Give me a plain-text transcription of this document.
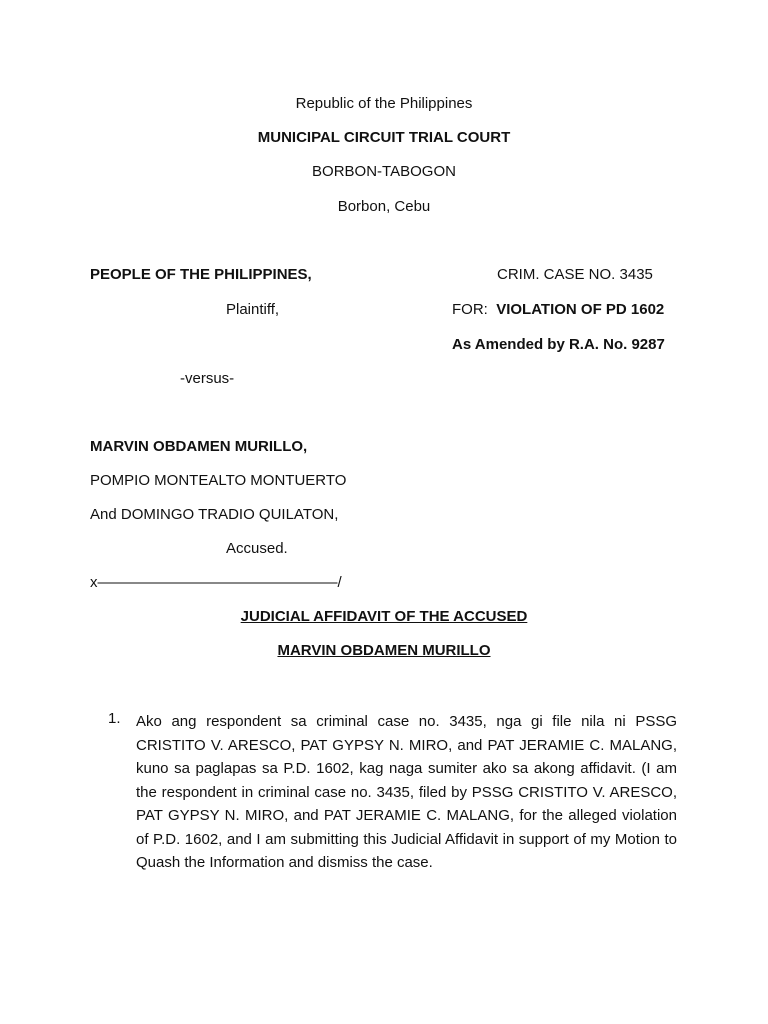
Republic of the Philippines
MUNICIPAL CIRCUIT TRIAL COURT
BORBON-TABOGON
Borbon, Cebu
PEOPLE OF THE PHILIPPINES,
Plaintiff,
-versus-
MARVIN OBDAMEN MURILLO,
POMPIO MONTEALTO MONTUERTO
And DOMINGO TRADIO QUILATON,
Accused.
x————————————————/
CRIM. CASE NO. 3435
FOR: VIOLATION OF PD 1602
As Amended by R.A. No. 9287
JUDICIAL AFFIDAVIT OF THE ACCUSED
MARVIN OBDAMEN MURILLO
1.	Ako ang respondent sa criminal case no. 3435, nga gi file nila ni PSSG CRISTITO V. ARESCO, PAT GYPSY N. MIRO, and PAT JERAMIE C. MALANG, kuno sa paglapas sa P.D. 1602, kag naga sumiter ako sa akong affidavit. (I am the respondent in criminal case no. 3435, filed by PSSG CRISTITO V. ARESCO, PAT GYPSY N. MIRO, and PAT JERAMIE C. MALANG, for the alleged violation of P.D. 1602, and I am submitting this Judicial Affidavit in support of my Motion to Quash the Information and dismiss the case.
